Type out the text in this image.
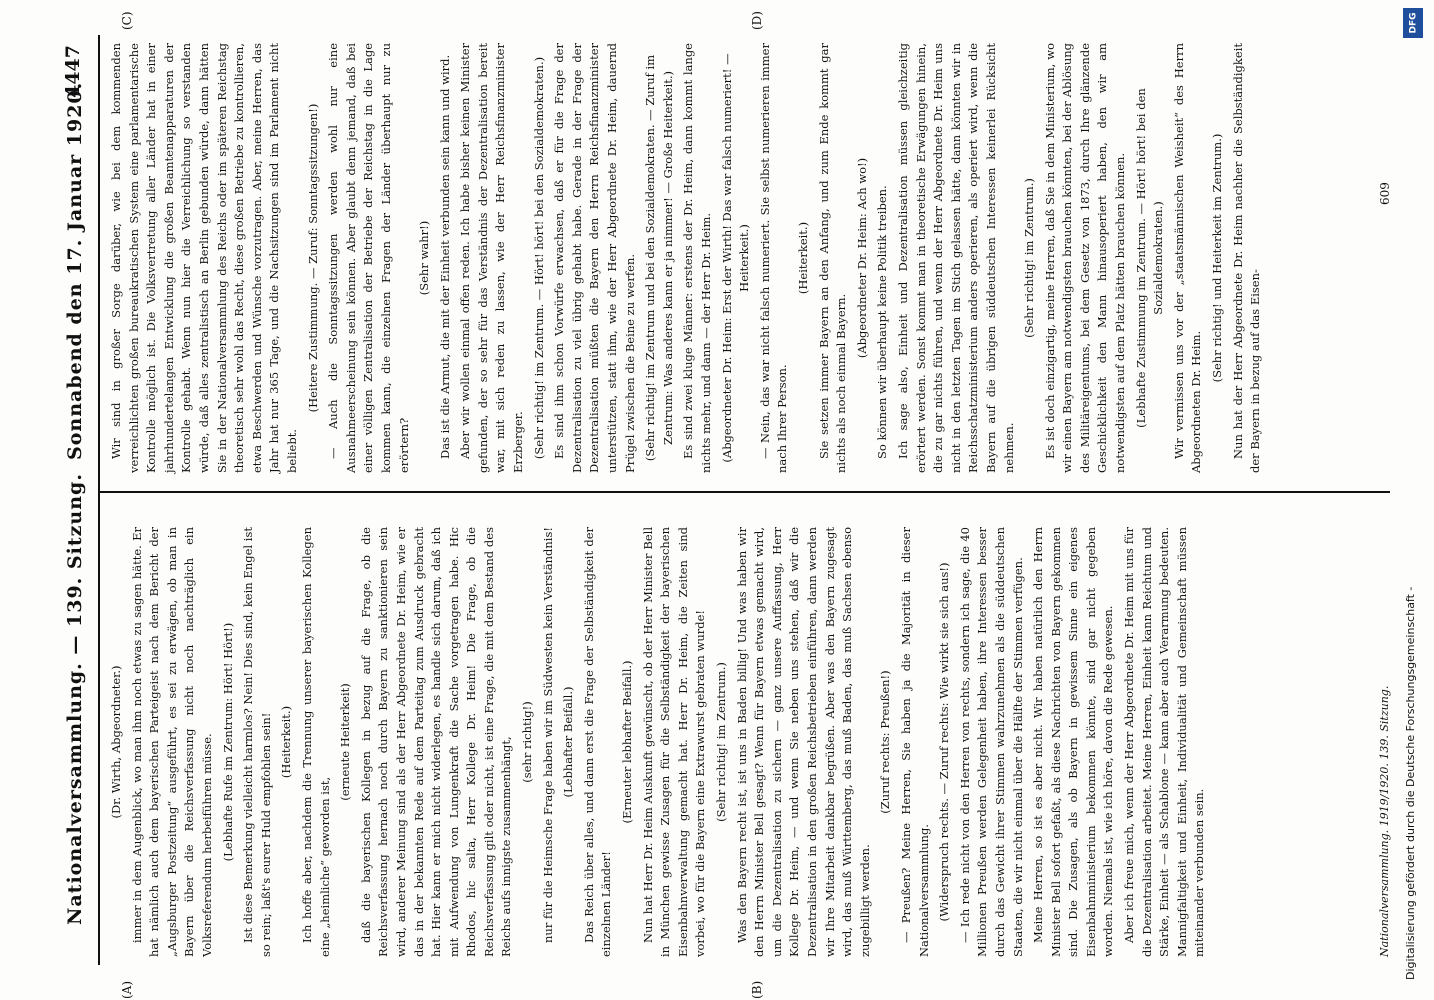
Nationalversammlung. — 139. Sitzung.
Sonnabend den 17. Januar 1920.
4447

(Dr. Wirth, Abgeordneter.) immer in dem Augenblick, wo man ihm noch etwas zu sagen hätte. Er hat nämlich auch dem bayerischen Parteigeist nach dem Bericht der „Augsburger Postzeitung“ ausgeführt, es sei zu erwägen, ob man in Bayern über die Reichsverfassung nicht noch nachträglich ein Volksreferendum herbeiführen müsse. (Lebhafte Rufe im Zentrum: Hört! Hört!) Ist diese Bemerkung vielleicht harmlos? Nein! Dies sind, kein Engel ist so rein; laßt's eurer Huld empfohlen sein! (Heiterkeit.) Ich hoffe aber, nachdem die Trennung unserer bayerischen Kollegen eine „heimliche“ geworden ist,

(erneute Heiterkeit) daß die bayerischen Kollegen in bezug auf die Frage, ob die Reichsverfassung hernach noch durch Bayern zu sanktionieren sein wird, anderer Meinung sind als der Herr Abgeordnete Dr. Heim, wie er das in der bekannten Rede auf dem Parteitag zum Ausdruck gebracht hat. Hier kann er mich nicht widerlegen, es handle sich darum, daß ich mit Aufwendung von Lungenkraft die Sache vorgetragen habe. Hic Rhodos, hic salta, Herr Kollege Dr. Heim! Die Frage, ob die Reichsverfassung gilt oder nicht, ist eine Frage, die mit dem Bestand des Reichs aufs innigste zusammenhängt, (sehr richtig!) nur für die Heimsche Frage haben wir im Südwesten kein Verständnis! (Lebhafter Beifall.) Das Reich über alles, und dann erst die Frage der Selbständigkeit der einzelnen Länder!

(Erneuter lebhafter Beifall.) Nun hat Herr Dr. Heim Auskunft gewünscht, ob der Herr Minister Bell in München gewisse Zusagen für die Selbständigkeit der bayerischen Eisenbahnverwaltung gemacht hat. Herr Dr. Heim, die Zeiten sind vorbei, wo für die Bayern eine Extrawurst gebraten wurde! (Sehr richtig! im Zentrum.) Was den Bayern recht ist, ist uns in Baden billig! Und was haben wir den Herrn Minister Bell gesagt? Wenn für Bayern etwas gemacht wird, um die Dezentralisation zu sichern — ganz unsere Auffassung, Herr Kollege Dr. Heim, — und wenn Sie neben uns stehen, daß wir die Dezentralisation in den großen Reichsbetrieben einführen, dann werden wir Ihre Mitarbeit dankbar begrüßen. Aber was den Bayern zugesagt wird, das muß Württemberg, das muß Baden, das muß Sachsen ebenso zugebilligt werden.

(Zuruf rechts: Preußen!) — Preußen? Meine Herren, Sie haben ja die Majorität in dieser Nationalversammlung. (Widerspruch rechts. — Zuruf rechts: Wie wirkt sie sich aus!) — Ich rede nicht von den Herren von rechts, sondern ich sage, die 40 Millionen Preußen werden Gelegenheit haben, ihre Interessen besser durch das Gewicht ihrer Stimmen wahrzunehmen als die süddeutschen Staaten, die wir nicht einmal über die Hälfte der Stimmen verfügen. Meine Herren, so ist es aber nicht. Wir haben natürlich den Herrn Minister Bell sofort gefaßt, als diese Nachrichten von Bayern gekommen sind. Die Zusagen, als ob Bayern in gewissem Sinne ein eigenes Eisenbahnministerium bekommen könnte, sind gar nicht gegeben worden. Niemals ist, wie ich höre, davon die Rede gewesen. Aber ich freue mich, wenn der Herr Abgeordnete Dr. Heim mit uns für die Dezentralisation arbeitet. Meine Herren, Einheit kann Reichtum und Stärke, Einheit — als Schablone — kann aber auch Verarmung bedeuten. Mannigfaltigkeit und Einheit, Individualität und Gemeinschaft müssen miteinander verbunden sein.

Wir sind in großer Sorge darüber, wie bei dem kommenden verreichlichten großen bureaukratischen System eine parlamentarische Kontrolle möglich ist. Die Volksvertretung aller Länder hat in einer jahrhundertelangen Entwicklung die großen Beamtenapparaturen der Kontrolle gehabt. Wenn nun hier die Verreichlichung so verstanden würde, daß alles zentralistisch an Berlin gebunden würde, dann hätten Sie in der Nationalversammlung des Reichs oder im späteren Reichstag theoretisch sehr wohl das Recht, diese großen Betriebe zu kontrollieren, etwa Beschwerden und Wünsche vorzutragen. Aber, meine Herren, das Jahr hat nur 365 Tage, und die Nachsitzungen sind im Parlament nicht beliebt.

(Heitere Zustimmung. — Zuruf: Sonntagssitzungen!) — Auch die Sonntagssitzungen werden wohl nur eine Ausnahmeerscheinung sein können. Aber glaubt denn jemand, daß bei einer völligen Zentralisation der Betriebe der Reichstag in die Lage kommen kann, die einzelnen Fragen der Länder überhaupt nur zu erörtern?

(Sehr wahr!) Das ist die Armut, die mit der Einheit verbunden sein kann und wird. Aber wir wollen einmal offen reden. Ich habe bisher keinen Minister gefunden, der so sehr für das Verständnis der Dezentralisation bereit war, mit sich reden zu lassen, wie der Herr Reichsfinanzminister Erzberger. (Sehr richtig! im Zentrum. — Hört! hört! bei den Sozialdemokraten.) Es sind ihm schon Vorwürfe erwachsen, daß er für die Frage der Dezentralisation zu viel übrig gehabt habe. Gerade in der Frage der Dezentralisation müßten die Bayern den Herrn Reichsfinanzminister unterstützen, statt ihm, wie der Herr Abgeordnete Dr. Heim, dauernd Prügel zwischen die Beine zu werfen. (Sehr richtig! im Zentrum und bei den Sozialdemokraten. — Zuruf im Zentrum: Was anderes kann er ja nimmer! — Große Heiterkeit.) Es sind zwei kluge Männer: erstens der Dr. Heim, dann kommt lange nichts mehr, und dann — der Herr Dr. Heim. (Abgeordneter Dr. Heim: Erst der Wirth! Das war falsch numeriert! — Heiterkeit.) — Nein, das war nicht falsch numeriert. Sie selbst numerieren immer nach Ihrer Person.

(Heiterkeit.) Sie setzen immer Bayern an den Anfang, und zum Ende kommt gar nichts als noch einmal Bayern.

(Abgeordneter Dr. Heim: Ach wo!) So können wir überhaupt keine Politik treiben. Ich sage also, Einheit und Dezentralisation müssen gleichzeitig erörtert werden. Sonst kommt man in theoretische Erwägungen hinein, die zu gar nichts führen, und wenn der Herr Abgeordnete Dr. Heim uns nicht in den letzten Tagen im Stich gelassen hätte, dann könnten wir in Reichsschatzministerium anders operieren, als operiert wird, wenn die Bayern auf die übrigen süddeutschen Interessen keinerlei Rücksicht nehmen.

(Sehr richtig! im Zentrum.) Es ist doch einzigartig, meine Herren, daß Sie in dem Ministerium, wo wir einen Bayern am notwendigsten brauchen könnten, bei der Ablösung des Militäreigentums, bei dem Gesetz von 1873, durch Ihre glänzende Geschicklichkeit den Mann hinausoperiert haben, den wir am notwendigsten auf dem Platz hätten brauchen können. (Lebhafte Zustimmung im Zentrum. — Hört! hört! bei den Sozialdemokraten.) Wir vermissen uns vor der „staatsmännischen Weisheit“ des Herrn Abgeordneten Dr. Heim.

(Sehr richtig! und Heiterkeit im Zentrum.) Nun hat der Herr Abgeordnete Dr. Heim nachher die Selbständigkeit der Bayern in bezug auf das Eisen-

(A)	(B)
(C)	(D)
Nationalversammlung. 1919/1920. 139. Sitzung.
609
DFG
Digitalisierung gefördert durch die Deutsche Forschungsgemeinschaft -
